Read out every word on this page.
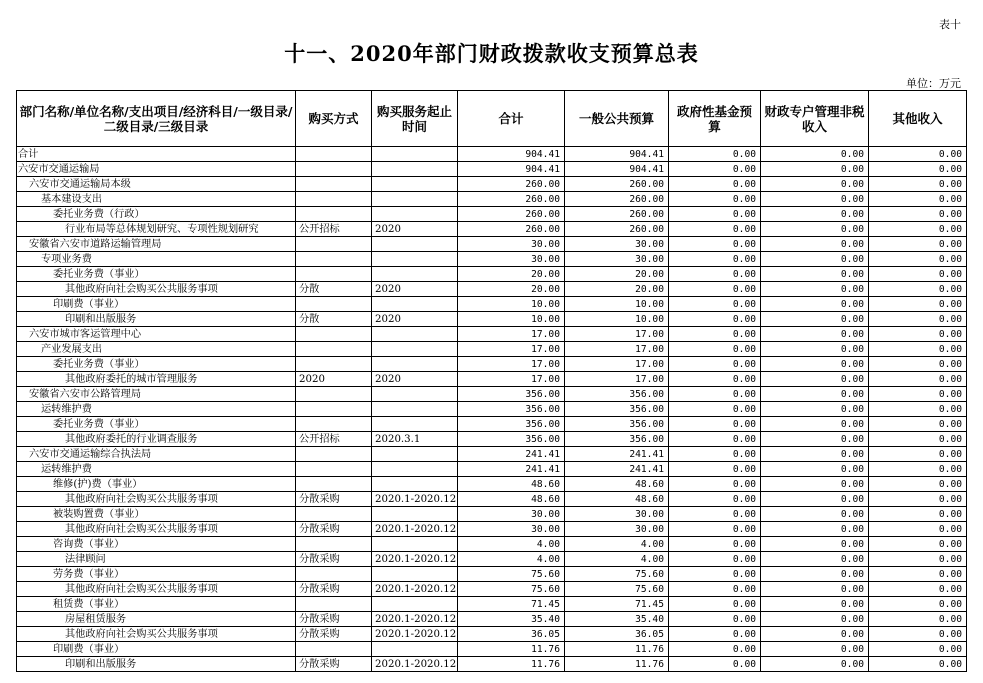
表十
十一、2020年部门财政拨款收支预算总表
单位：万元
部门名称/单位名称/支出项目/经济科目/一级目录/二级目录/三级目录	购买方式	购买服务起止时间	合计	一般公共预算	政府性基金预算	财政专户管理非税收入	其他收入
合计			904.41	904.41	0.00	0.00	0.00
六安市交通运输局			904.41	904.41	0.00	0.00	0.00
六安市交通运输局本级			260.00	260.00	0.00	0.00	0.00
基本建设支出			260.00	260.00	0.00	0.00	0.00
委托业务费（行政）			260.00	260.00	0.00	0.00	0.00
行业布局等总体规划研究、专项性规划研究	公开招标	2020	260.00	260.00	0.00	0.00	0.00
安徽省六安市道路运输管理局			30.00	30.00	0.00	0.00	0.00
专项业务费			30.00	30.00	0.00	0.00	0.00
委托业务费（事业）			20.00	20.00	0.00	0.00	0.00
其他政府向社会购买公共服务事项	分散	2020	20.00	20.00	0.00	0.00	0.00
印刷费（事业）			10.00	10.00	0.00	0.00	0.00
印刷和出版服务	分散	2020	10.00	10.00	0.00	0.00	0.00
六安市城市客运管理中心			17.00	17.00	0.00	0.00	0.00
产业发展支出			17.00	17.00	0.00	0.00	0.00
委托业务费（事业）			17.00	17.00	0.00	0.00	0.00
其他政府委托的城市管理服务	2020	2020	17.00	17.00	0.00	0.00	0.00
安徽省六安市公路管理局			356.00	356.00	0.00	0.00	0.00
运转维护费			356.00	356.00	0.00	0.00	0.00
委托业务费（事业）			356.00	356.00	0.00	0.00	0.00
其他政府委托的行业调查服务	公开招标	2020.3.1	356.00	356.00	0.00	0.00	0.00
六安市交通运输综合执法局			241.41	241.41	0.00	0.00	0.00
运转维护费			241.41	241.41	0.00	0.00	0.00
维修(护)费（事业）			48.60	48.60	0.00	0.00	0.00
其他政府向社会购买公共服务事项	分散采购	2020.1-2020.12	48.60	48.60	0.00	0.00	0.00
被装购置费（事业）			30.00	30.00	0.00	0.00	0.00
其他政府向社会购买公共服务事项	分散采购	2020.1-2020.12	30.00	30.00	0.00	0.00	0.00
咨询费（事业）			4.00	4.00	0.00	0.00	0.00
法律顾问	分散采购	2020.1-2020.12	4.00	4.00	0.00	0.00	0.00
劳务费（事业）			75.60	75.60	0.00	0.00	0.00
其他政府向社会购买公共服务事项	分散采购	2020.1-2020.12	75.60	75.60	0.00	0.00	0.00
租赁费（事业）			71.45	71.45	0.00	0.00	0.00
房屋租赁服务	分散采购	2020.1-2020.12	35.40	35.40	0.00	0.00	0.00
其他政府向社会购买公共服务事项	分散采购	2020.1-2020.12	36.05	36.05	0.00	0.00	0.00
印刷费（事业）			11.76	11.76	0.00	0.00	0.00
印刷和出版服务	分散采购	2020.1-2020.12	11.76	11.76	0.00	0.00	0.00
